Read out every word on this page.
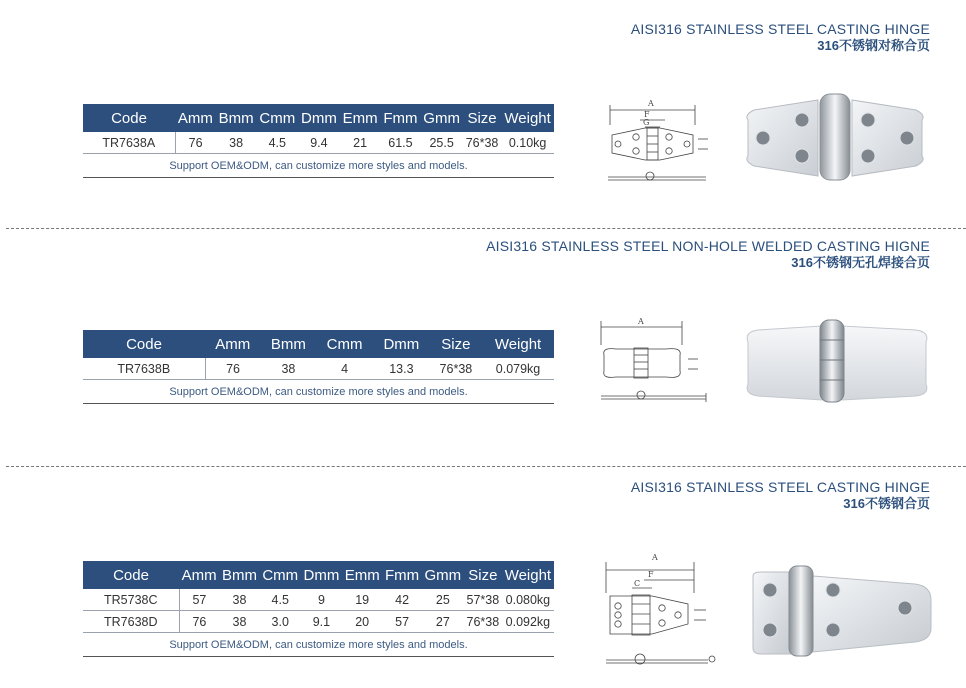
AISI316 STAINLESS STEEL CASTING HINGE
316不锈钢对称合页
Code	Amm	Bmm	Cmm	Dmm	Emm	Fmm	Gmm	Size	Weight
TR7638A	76	38	4.5	9.4	21	61.5	25.5	76*38	0.10kg
Support OEM&ODM, can customize more styles and models.									
A
F
G
AISI316 STAINLESS STEEL NON-HOLE WELDED CASTING HIGNE
316不锈钢无孔焊接合页
Code	Amm	Bmm	Cmm	Dmm	Size	Weight
TR7638B	76	38	4	13.3	76*38	0.079kg
Support OEM&ODM, can customize more styles and models.						
A
AISI316 STAINLESS STEEL CASTING HINGE
316不锈钢合页
Code	Amm	Bmm	Cmm	Dmm	Emm	Fmm	Gmm	Size	Weight
TR5738C	57	38	4.5	9	19	42	25	57*38	0.080kg
TR7638D	76	38	3.0	9.1	20	57	27	76*38	0.092kg
Support OEM&ODM, can customize more styles and models.									
A
F
C
